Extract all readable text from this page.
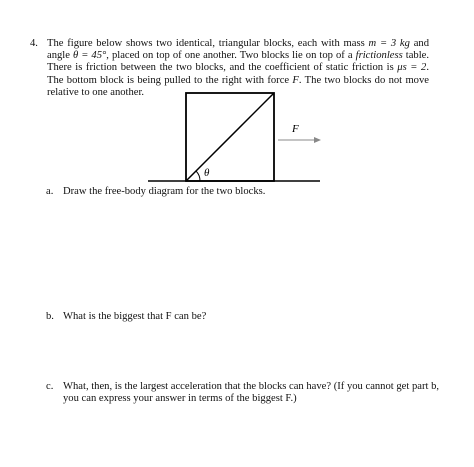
4. The figure below shows two identical, triangular blocks, each with mass m = 3 kg and angle θ = 45°, placed on top of one another. Two blocks lie on top of a frictionless table. There is friction between the two blocks, and the coefficient of static friction is μs = 2. The bottom block is being pulled to the right with force F. The two blocks do not move relative to one another.

θ
F
a. Draw the free-body diagram for the two blocks.
b. What is the biggest that F can be?
c. What, then, is the largest acceleration that the blocks can have? (If you cannot get part b, you can express your answer in terms of the biggest F.)
